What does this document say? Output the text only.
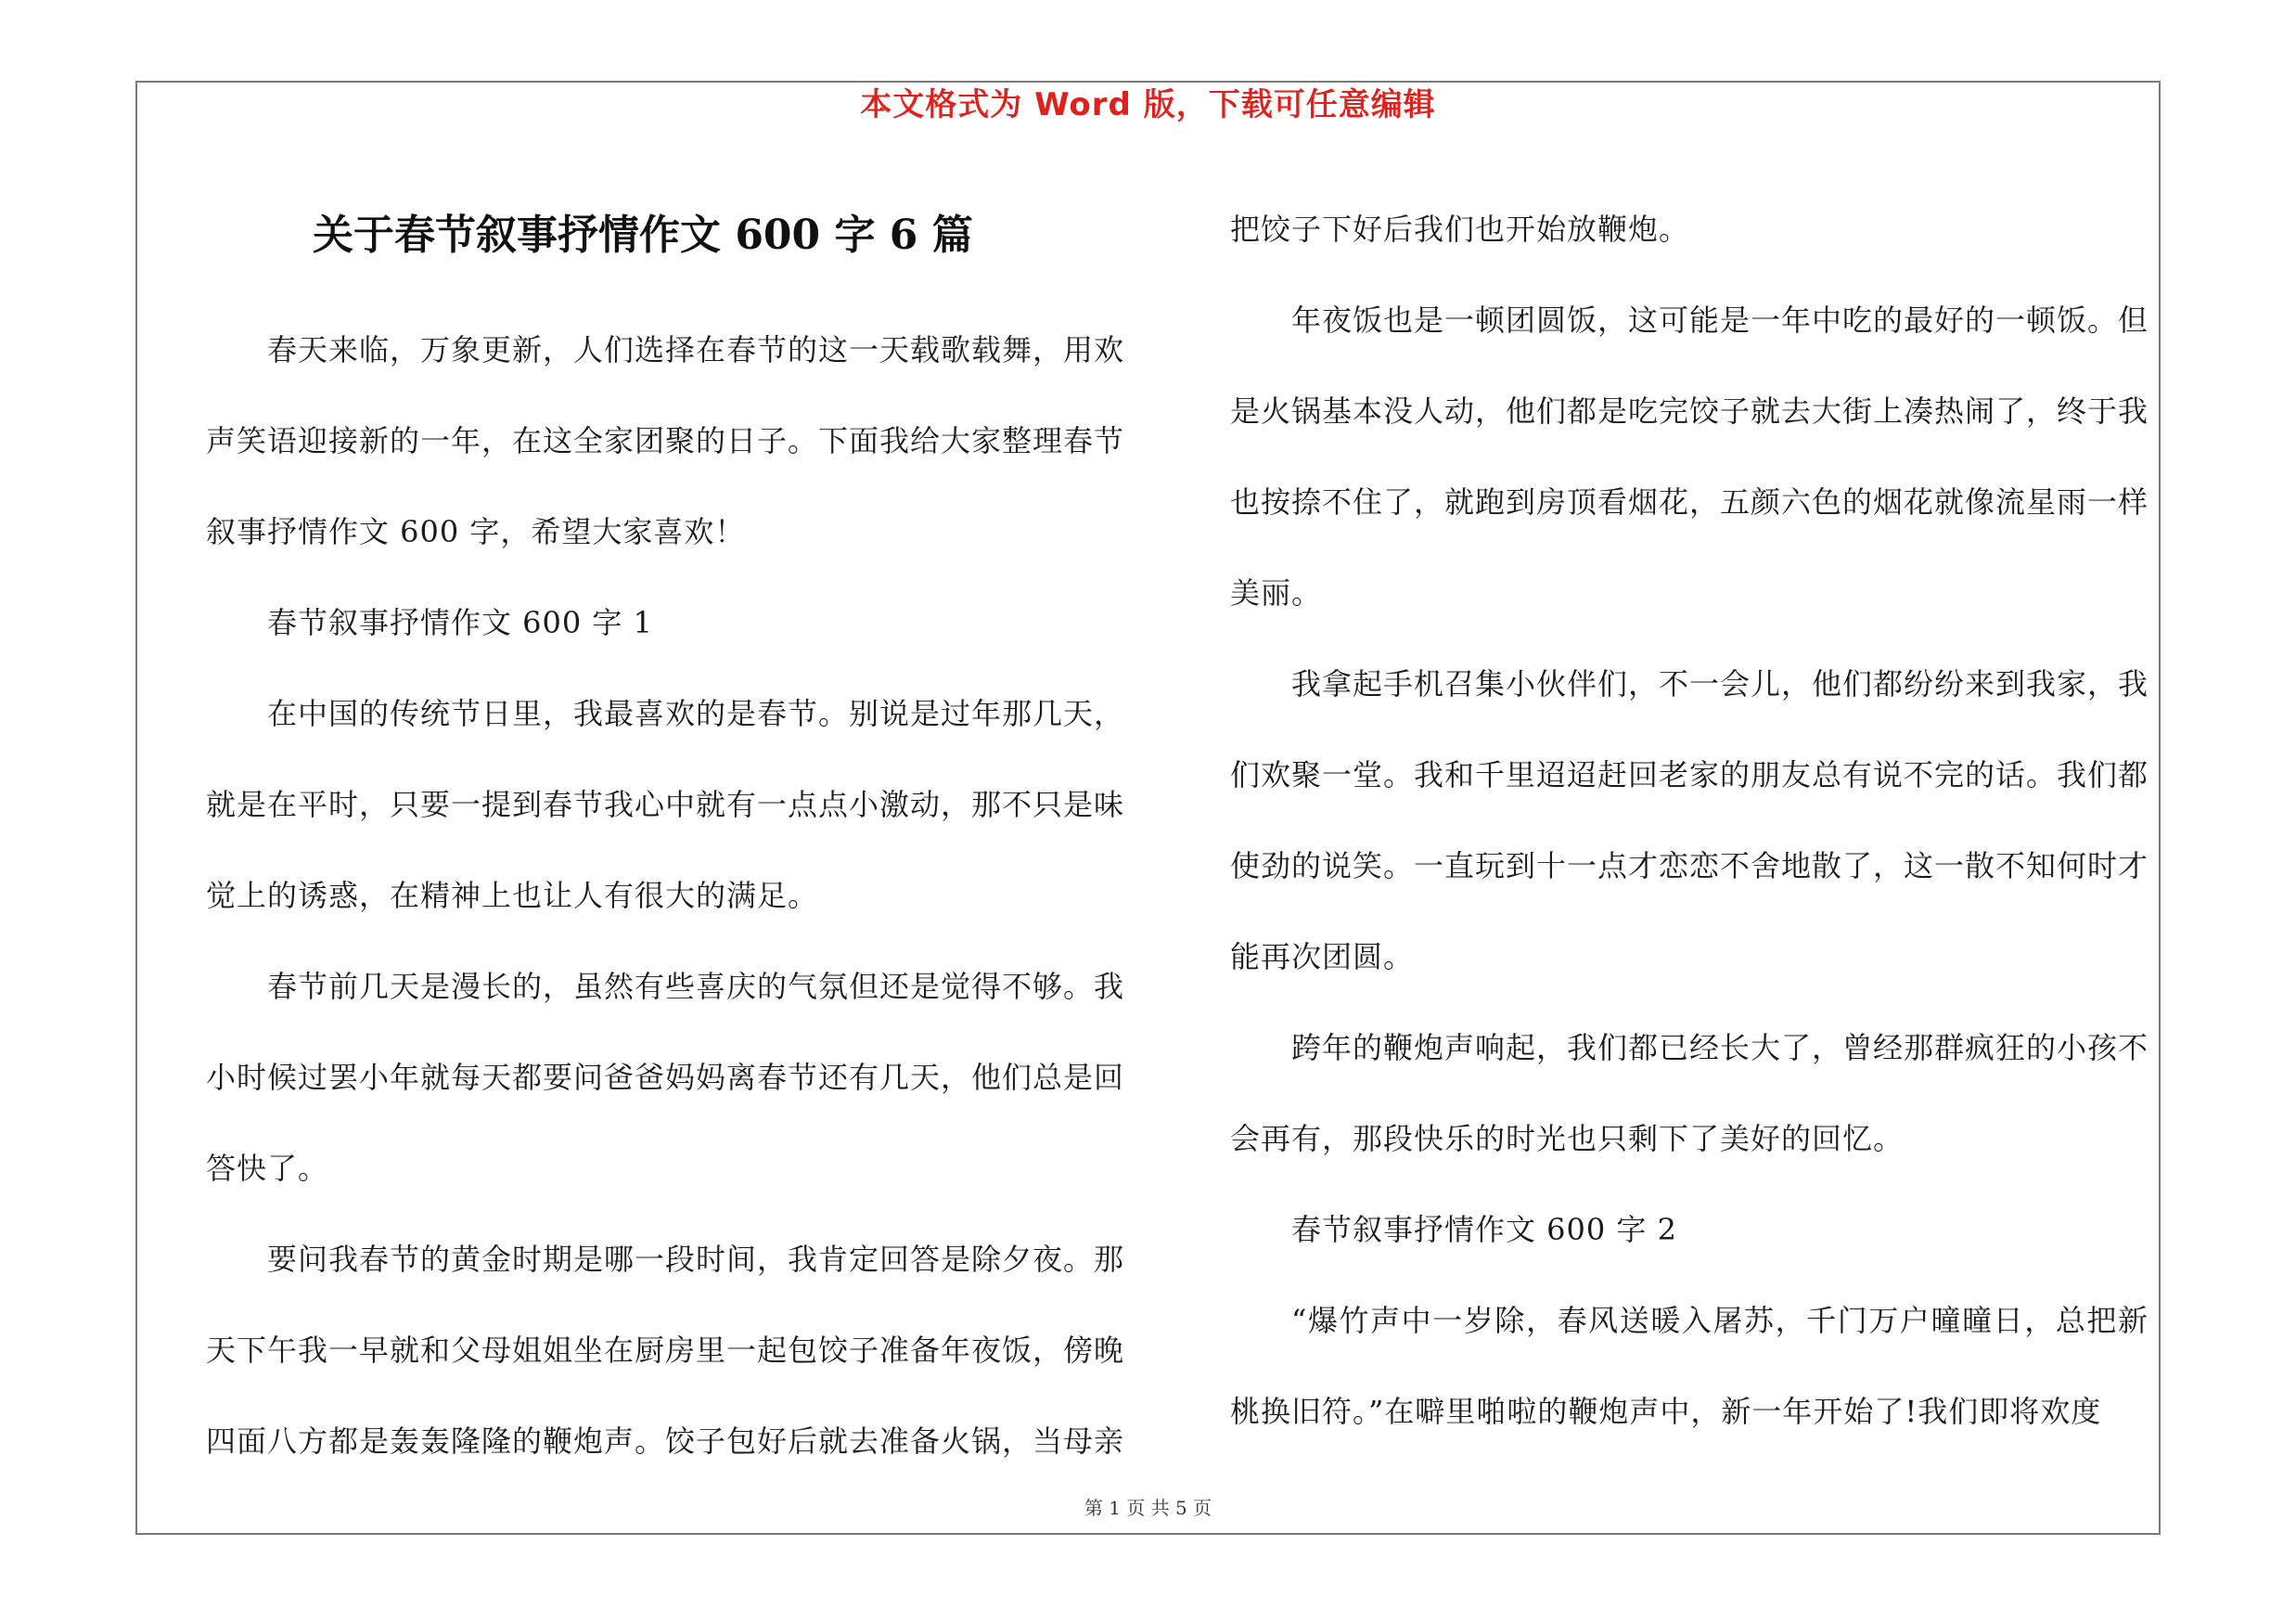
本文格式为 Word 版，下载可任意编辑
关于春节叙事抒情作文 600 字 6 篇

春天来临，万象更新，人们选择在春节的这一天载歌载舞，用欢声笑语迎接新的一年，在这全家团聚的日子。下面我给大家整理春节叙事抒情作文 600 字，希望大家喜欢！

春节叙事抒情作文 600 字 1

在中国的传统节日里，我最喜欢的是春节。别说是过年那几天，就是在平时，只要一提到春节我心中就有一点点小激动，那不只是味觉上的诱惑，在精神上也让人有很大的满足。

春节前几天是漫长的，虽然有些喜庆的气氛但还是觉得不够。我小时候过罢小年就每天都要问爸爸妈妈离春节还有几天，他们总是回答快了。

要问我春节的黄金时期是哪一段时间，我肯定回答是除夕夜。那天下午我一早就和父母姐姐坐在厨房里一起包饺子准备年夜饭，傍晚四面八方都是轰轰隆隆的鞭炮声。饺子包好后就去准备火锅，当母亲

把饺子下好后我们也开始放鞭炮。

年夜饭也是一顿团圆饭，这可能是一年中吃的最好的一顿饭。但是火锅基本没人动，他们都是吃完饺子就去大街上凑热闹了，终于我也按捺不住了，就跑到房顶看烟花，五颜六色的烟花就像流星雨一样美丽。

我拿起手机召集小伙伴们，不一会儿，他们都纷纷来到我家，我们欢聚一堂。我和千里迢迢赶回老家的朋友总有说不完的话。我们都使劲的说笑。一直玩到十一点才恋恋不舍地散了，这一散不知何时才能再次团圆。

跨年的鞭炮声响起，我们都已经长大了，曾经那群疯狂的小孩不会再有，那段快乐的时光也只剩下了美好的回忆。

春节叙事抒情作文 600 字 2

“爆竹声中一岁除，春风送暖入屠苏，千门万户曈曈日，总把新桃换旧符。”在噼里啪啦的鞭炮声中，新一年开始了!我们即将欢度

第 1 页 共 5 页
